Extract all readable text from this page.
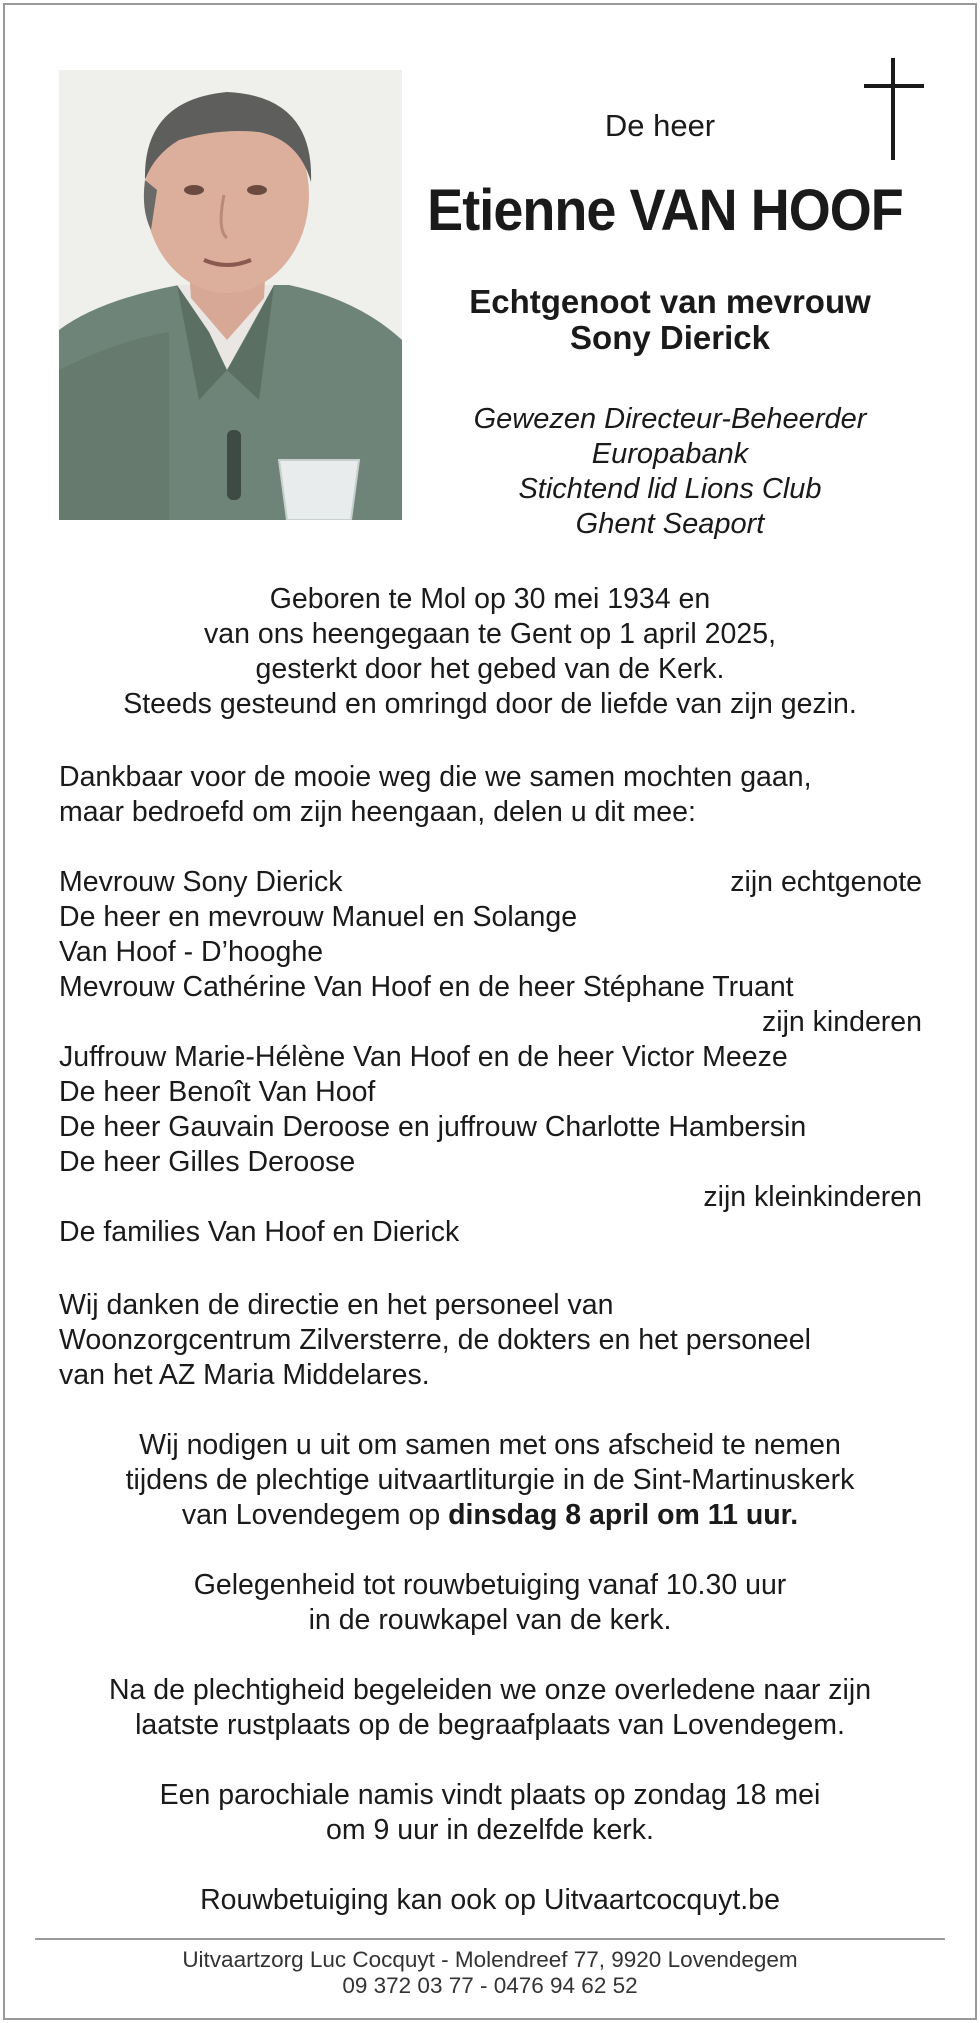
De heer
Etienne VAN HOOF
Echtgenoot van mevrouw
Sony Dierick
Gewezen Directeur-Beheerder
Europabank
Stichtend lid Lions Club
Ghent Seaport
Geboren te Mol op 30 mei 1934 en
van ons heengegaan te Gent op 1 april 2025,
gesterkt door het gebed van de Kerk.
Steeds gesteund en omringd door de liefde van zijn gezin.
Dankbaar voor de mooie weg die we samen mochten gaan,
maar bedroefd om zijn heengaan, delen u dit mee:
Mevrouw Sony Dierick	zijn echtgenote
De heer en mevrouw Manuel en Solange
Van Hoof - D’hooghe
Mevrouw Cathérine Van Hoof en de heer Stéphane Truant
zijn kinderen
Juffrouw Marie-Hélène Van Hoof en de heer Victor Meeze
De heer Benoît Van Hoof
De heer Gauvain Deroose en juffrouw Charlotte Hambersin
De heer Gilles Deroose
zijn kleinkinderen
De families Van Hoof en Dierick
Wij danken de directie en het personeel van
Woonzorgcentrum Zilversterre, de dokters en het personeel
van het AZ Maria Middelares.
Wij nodigen u uit om samen met ons afscheid te nemen
tijdens de plechtige uitvaartliturgie in de Sint-Martinuskerk
van Lovendegem op dinsdag 8 april om 11 uur.
Gelegenheid tot rouwbetuiging vanaf 10.30 uur
in de rouwkapel van de kerk.
Na de plechtigheid begeleiden we onze overledene naar zijn
laatste rustplaats op de begraafplaats van Lovendegem.
Een parochiale namis vindt plaats op zondag 18 mei
om 9 uur in dezelfde kerk.
Rouwbetuiging kan ook op Uitvaartcocquyt.be
Uitvaartzorg Luc Cocquyt - Molendreef 77, 9920 Lovendegem
09 372 03 77 - 0476 94 62 52
